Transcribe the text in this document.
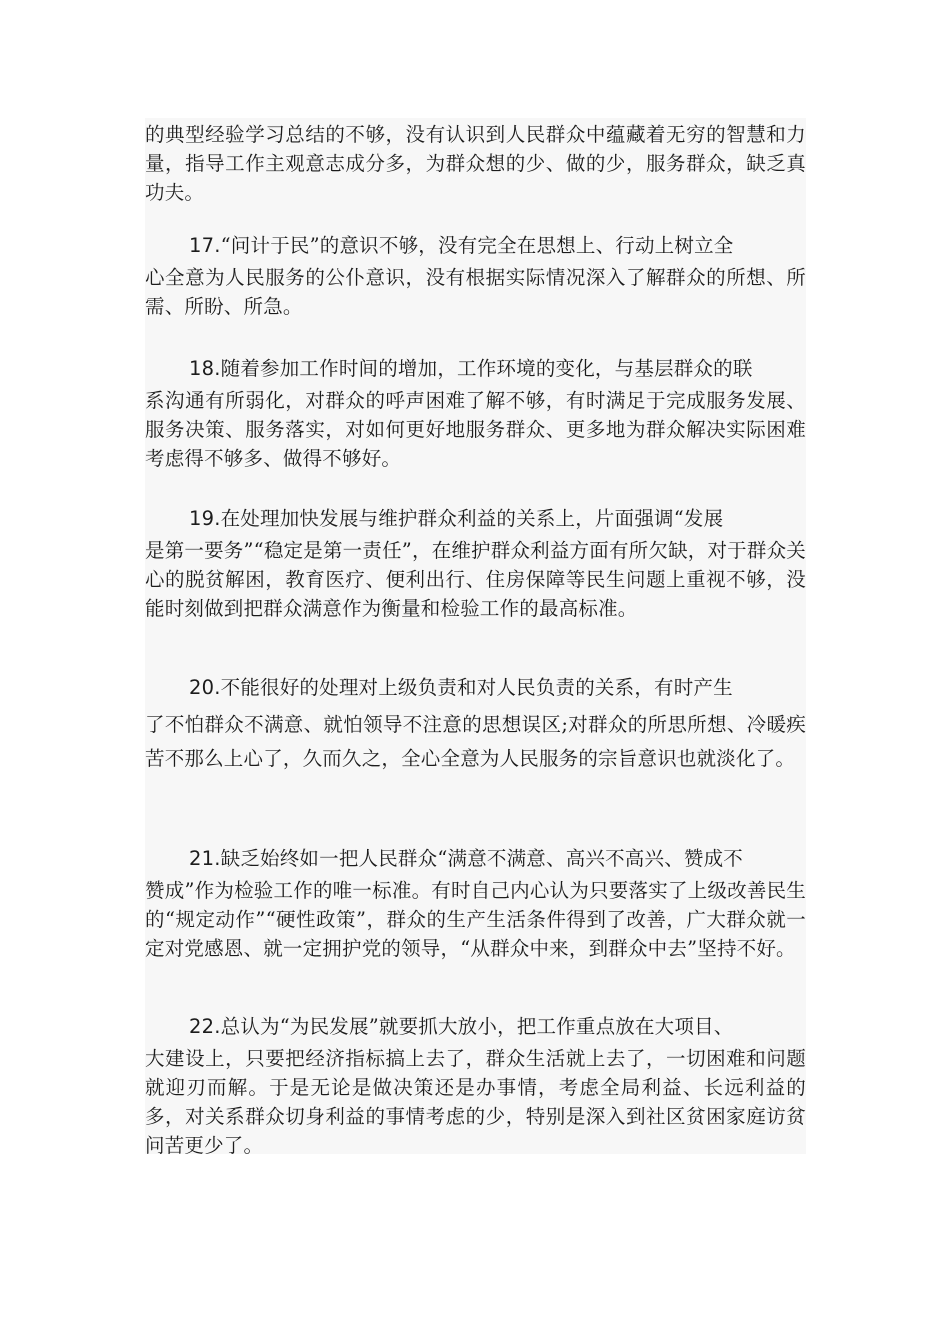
的典型经验学习总结的不够，没有认识到人民群众中蕴藏着无穷的智慧和力量，指导工作主观意志成分多，为群众想的少、做的少，服务群众，缺乏真功夫。

17.“问计于民”的意识不够，没有完全在思想上、行动上树立全
心全意为人民服务的公仆意识，没有根据实际情况深入了解群众的所想、所需、所盼、所急。

18.随着参加工作时间的增加，工作环境的变化，与基层群众的联
系沟通有所弱化，对群众的呼声困难了解不够，有时满足于完成服务发展、服务决策、服务落实，对如何更好地服务群众、更多地为群众解决实际困难考虑得不够多、做得不够好。

19.在处理加快发展与维护群众利益的关系上，片面强调“发展
是第一要务”“稳定是第一责任”，在维护群众利益方面有所欠缺，对于群众关心的脱贫解困，教育医疗、便利出行、住房保障等民生问题上重视不够，没能时刻做到把群众满意作为衡量和检验工作的最高标准。

20.不能很好的处理对上级负责和对人民负责的关系，有时产生
了不怕群众不满意、就怕领导不注意的思想误区;对群众的所思所想、冷暖疾苦不那么上心了，久而久之，全心全意为人民服务的宗旨意识也就淡化了。

21.缺乏始终如一把人民群众“满意不满意、高兴不高兴、赞成不
赞成”作为检验工作的唯一标准。有时自己内心认为只要落实了上级改善民生的“规定动作”“硬性政策”，群众的生产生活条件得到了改善，广大群众就一定对党感恩、就一定拥护党的领导，“从群众中来，到群众中去”坚持不好。

22.总认为“为民发展”就要抓大放小，把工作重点放在大项目、
大建设上，只要把经济指标搞上去了，群众生活就上去了，一切困难和问题就迎刃而解。于是无论是做决策还是办事情，考虑全局利益、长远利益的多，对关系群众切身利益的事情考虑的少，特别是深入到社区贫困家庭访贫问苦更少了。
